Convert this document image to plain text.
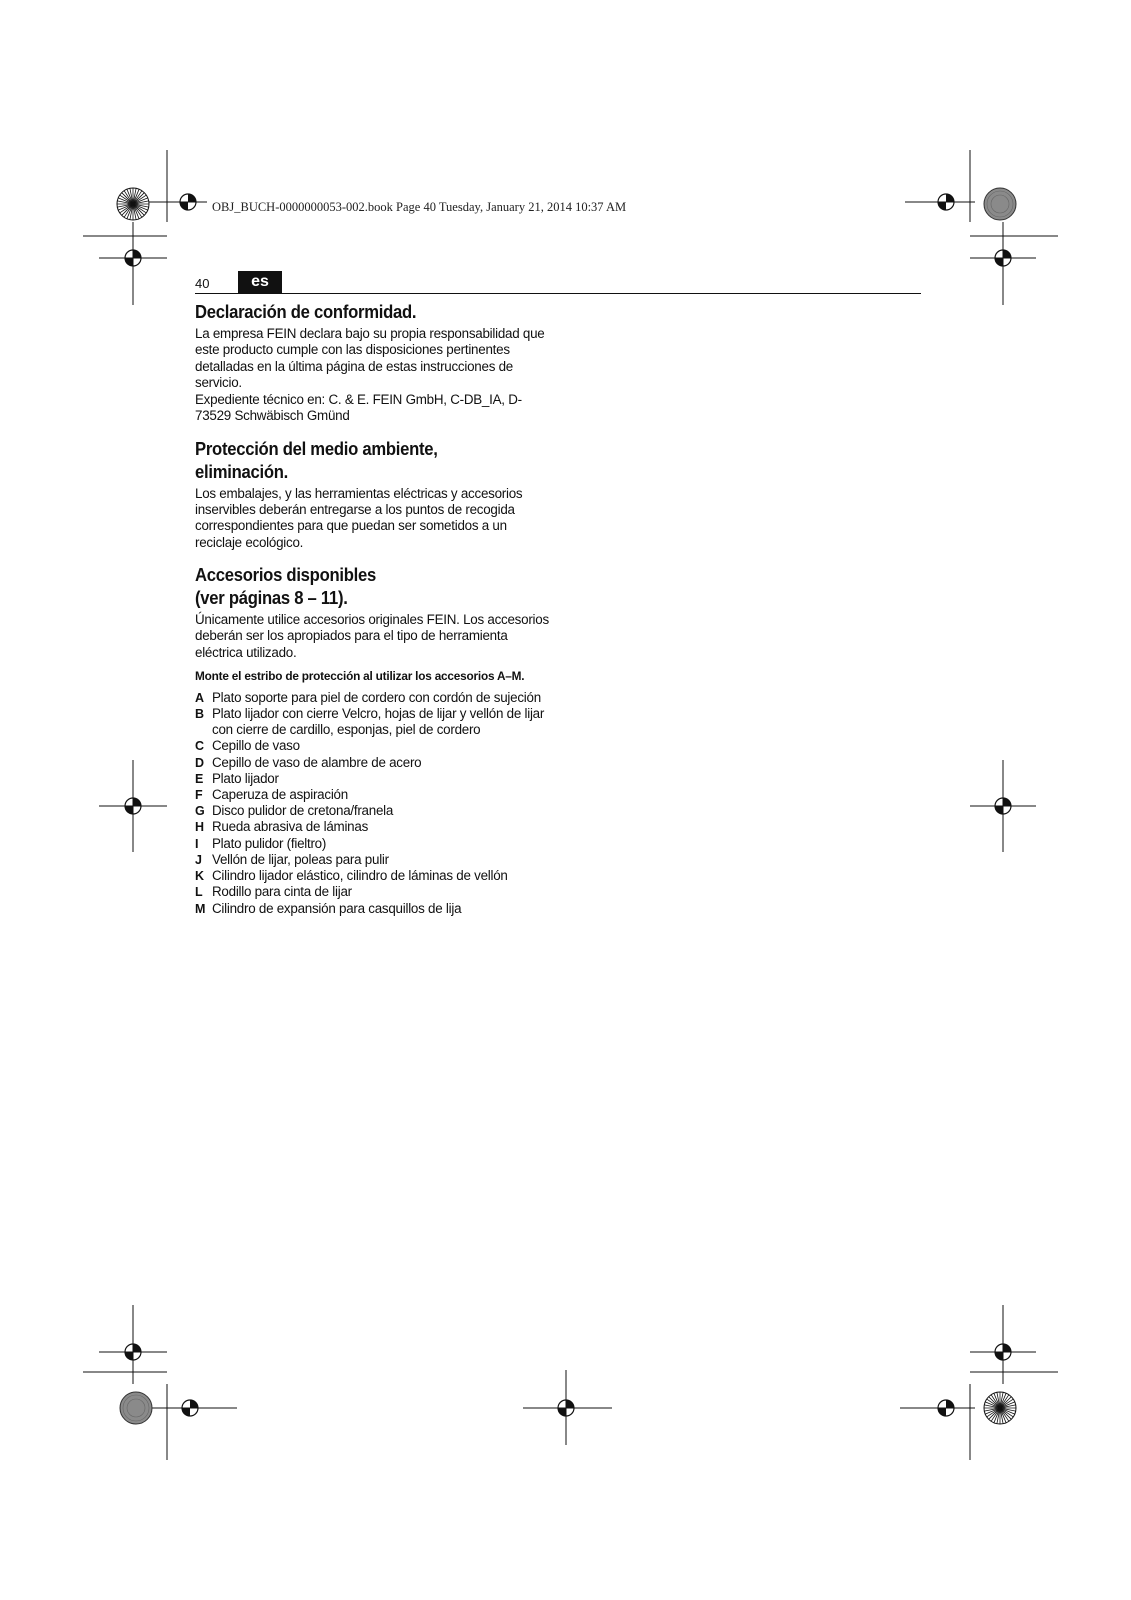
OBJ_BUCH-0000000053-002.book Page 40 Tuesday, January 21, 2014 10:37 AM
40	es
Declaración de conformidad.

La empresa FEIN declara bajo su propia responsabilidad que este producto cumple con las disposiciones pertinentes detalladas en la última página de estas instrucciones de servicio.

Expediente técnico en: C. & E. FEIN GmbH, C-DB_IA, D-73529 Schwäbisch Gmünd

Protección del medio ambiente,
eliminación.

Los embalajes, y las herramientas eléctricas y accesorios inservibles deberán entregarse a los puntos de recogida correspondientes para que puedan ser sometidos a un reciclaje ecológico.

Accesorios disponibles
(ver páginas 8 – 11).

Únicamente utilice accesorios originales FEIN. Los accesorios deberán ser los apropiados para el tipo de herramienta eléctrica utilizado.

Monte el estribo de protección al utilizar los accesorios A–M.
A Plato soporte para piel de cordero con cordón de sujeción
B Plato lijador con cierre Velcro, hojas de lijar y vellón de lijar con cierre de cardillo, esponjas, piel de cordero
C Cepillo de vaso
D Cepillo de vaso de alambre de acero
E Plato lijador
F Caperuza de aspiración
G Disco pulidor de cretona/franela
H Rueda abrasiva de láminas
I	Plato pulidor (fieltro)
J Vellón de lijar, poleas para pulir
K Cilindro lijador elástico, cilindro de láminas de vellón
L Rodillo para cinta de lijar
M Cilindro de expansión para casquillos de lija
